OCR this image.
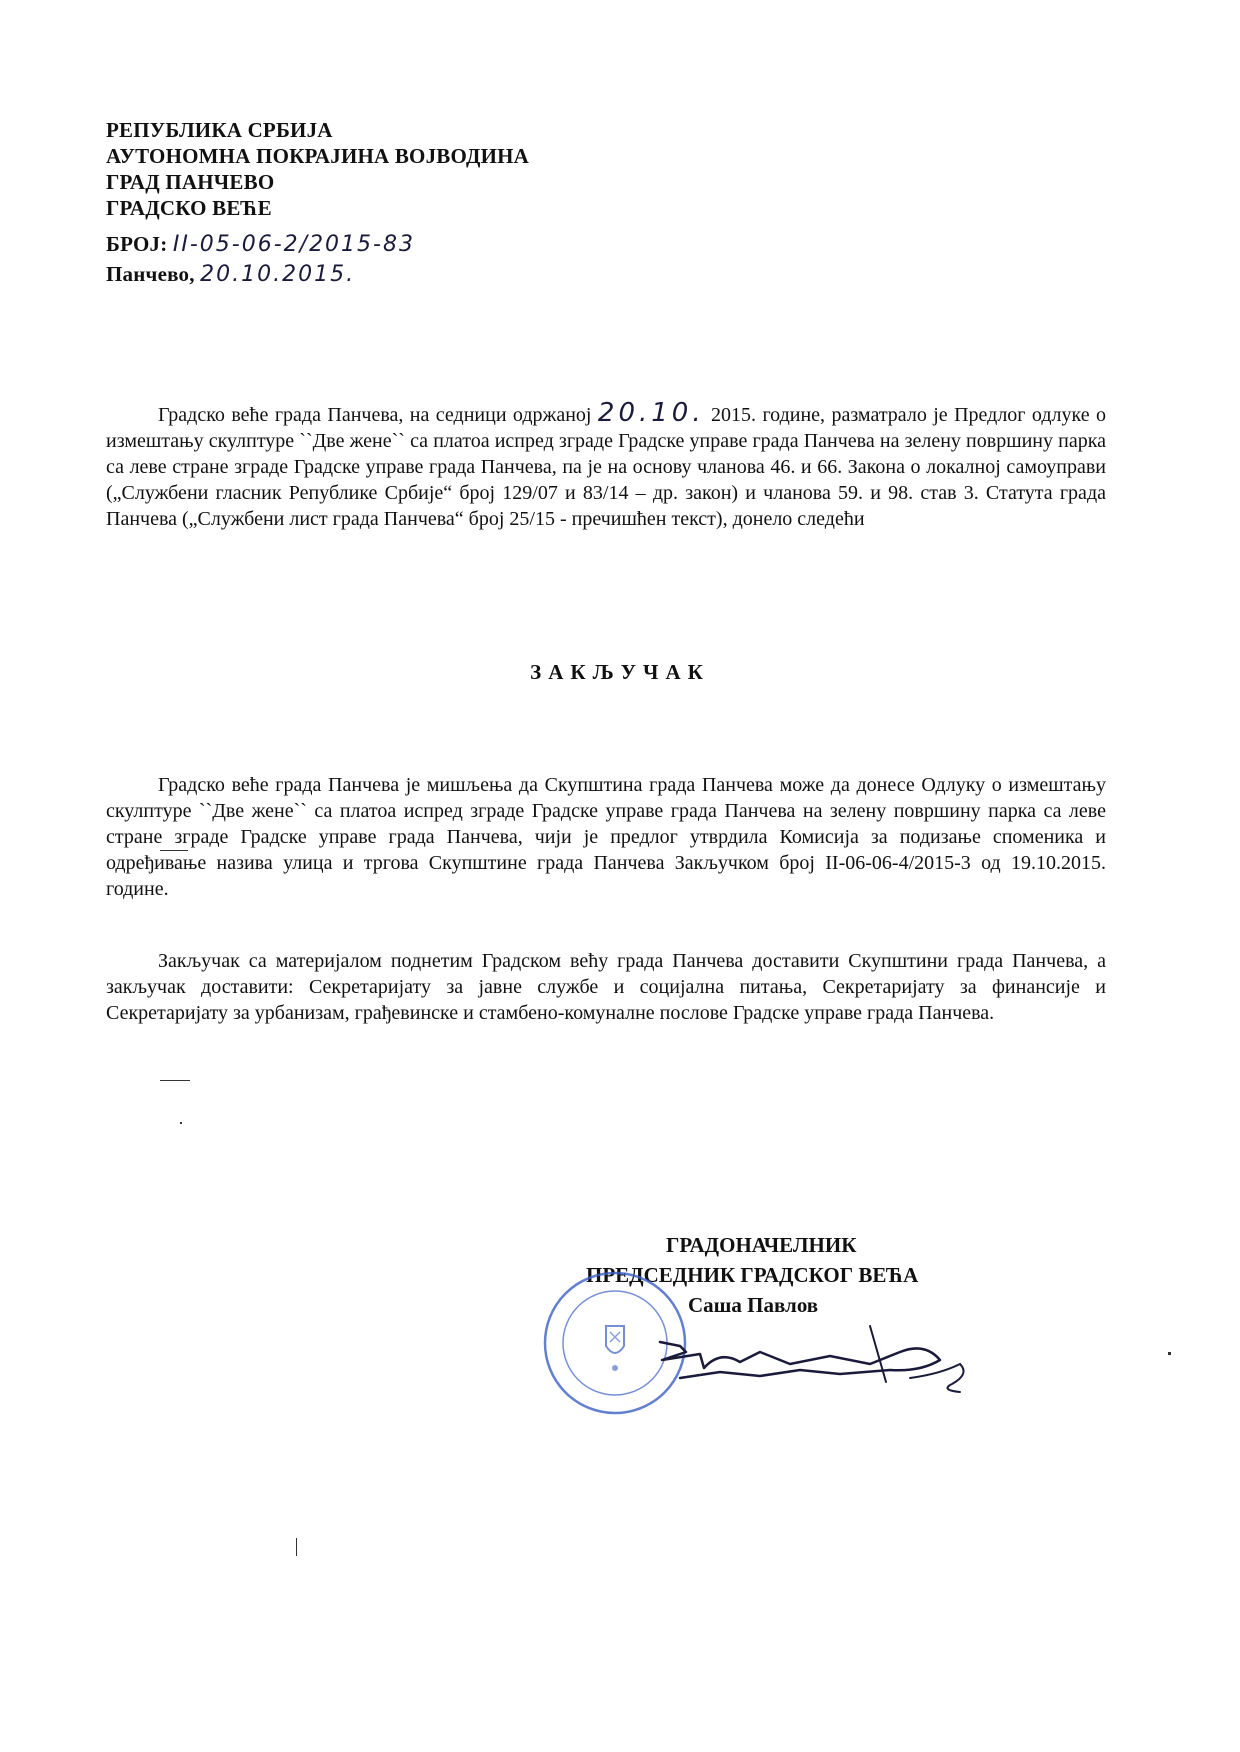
РЕПУБЛИКА СРБИЈА
АУТОНОМНА ПОКРАЈИНА ВОЈВОДИНА
ГРАД ПАНЧЕВО
ГРАДСКО ВЕЋЕ
БРОЈ: II-05-06-2/2015-83
Панчево, 20.10.2015.
Градско веће града Панчева, на седници одржаној 20.10. 2015. године, разматрало је Предлог одлуке о измештању скулптуре ``Две жене`` са платоа испред зграде Градске управе града Панчева на зелену површину парка са леве стране зграде Градске управе града Панчева, па је на основу чланова 46. и 66. Закона о локалној самоуправи („Службени гласник Републике Србије“ број 129/07 и 83/14 – др. закон) и чланова 59. и 98. став 3. Статута града Панчева („Службени лист града Панчева“ број 25/15 - пречишћен текст), донело следећи
ЗАКЉУЧАК
Градско веће града Панчева је мишљења да Скупштина града Панчева може да донесе Одлуку о измештању скулптуре ``Две жене`` са платоа испред зграде Градске управе града Панчева на зелену површину парка са леве стране зграде Градске управе града Панчева, чији је предлог утврдила Комисија за подизање споменика и одређивање назива улица и тргова Скупштине града Панчева Закључком број II-06-06-4/2015-3 од 19.10.2015. године.
Закључак са материјалом поднетим Градском већу града Панчева доставити Скупштини града Панчева, а закључак доставити: Секретаријату за јавне службе и социјална питања, Секретаријату за финансије и Секретаријату за урбанизам, грађевинске и стамбено-комуналне послове Градске управе града Панчева.
ГРАДОНАЧЕЛНИК
ПРЕДСЕДНИК ГРАДСКОГ ВЕЋА
Саша Павлов
